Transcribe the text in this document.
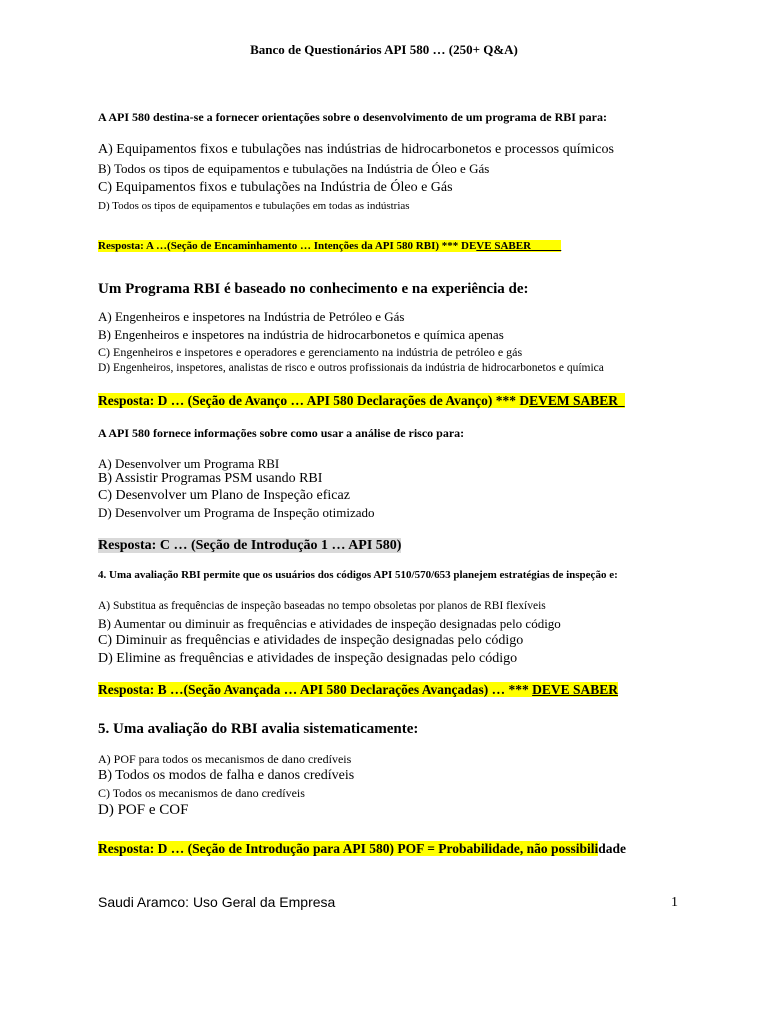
Banco de Questionários API 580 … (250+ Q&A)
A API 580 destina-se a fornecer orientações sobre o desenvolvimento de um programa de RBI para:
A) Equipamentos fixos e tubulações nas indústrias de hidrocarbonetos e processos químicos
B) Todos os tipos de equipamentos e tubulações na Indústria de Óleo e Gás
C) Equipamentos fixos e tubulações na Indústria de Óleo e Gás
D) Todos os tipos de equipamentos e tubulações em todas as indústrias
Resposta: A …(Seção de Encaminhamento … Intenções da API 580 RBI) *** DEVE SABER
Um Programa RBI é baseado no conhecimento e na experiência de:
A) Engenheiros e inspetores na Indústria de Petróleo e Gás
B) Engenheiros e inspetores na indústria de hidrocarbonetos e química apenas
C) Engenheiros e inspetores e operadores e gerenciamento na indústria de petróleo e gás
D) Engenheiros, inspetores, analistas de risco e outros profissionais da indústria de hidrocarbonetos e química
Resposta: D … (Seção de Avanço … API 580 Declarações de Avanço) *** DEVEM SABER
A API 580 fornece informações sobre como usar a análise de risco para:
A) Desenvolver um Programa RBI
B) Assistir Programas PSM usando RBI
C) Desenvolver um Plano de Inspeção eficaz
D) Desenvolver um Programa de Inspeção otimizado
Resposta: C … (Seção de Introdução 1 … API 580)
4. Uma avaliação RBI permite que os usuários dos códigos API 510/570/653 planejem estratégias de inspeção e:
A) Substitua as frequências de inspeção baseadas no tempo obsoletas por planos de RBI flexíveis
B) Aumentar ou diminuir as frequências e atividades de inspeção designadas pelo código
C) Diminuir as frequências e atividades de inspeção designadas pelo código
D) Elimine as frequências e atividades de inspeção designadas pelo código
Resposta: B …(Seção Avançada … API 580 Declarações Avançadas) … *** DEVE SABER
5. Uma avaliação do RBI avalia sistematicamente:
A) POF para todos os mecanismos de dano credíveis
B) Todos os modos de falha e danos credíveis
C) Todos os mecanismos de dano credíveis
D) POF e COF
Resposta: D … (Seção de Introdução para API 580) POF = Probabilidade, não possibilidade
Saudi Aramco: Uso Geral da Empresa	1
